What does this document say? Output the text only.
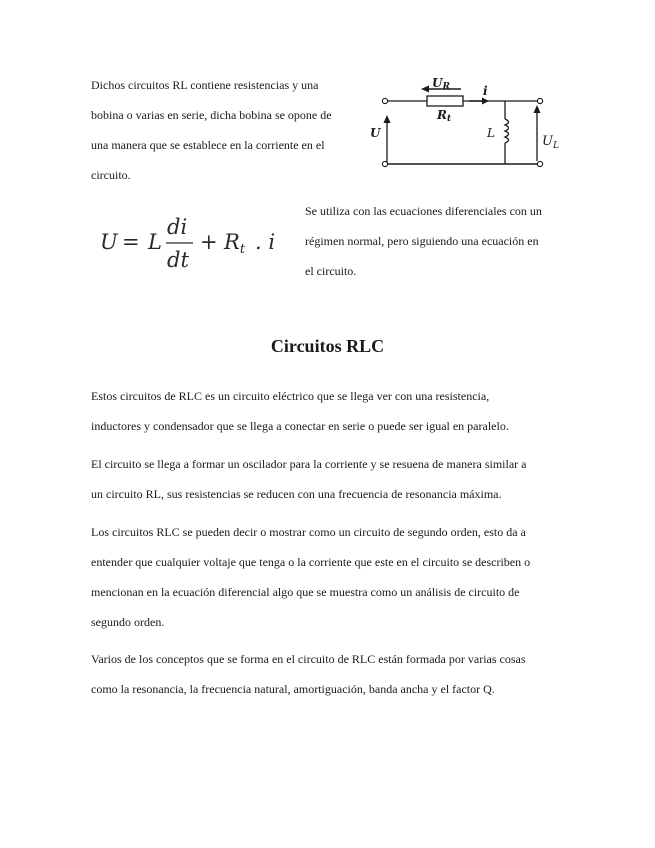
Dichos circuitos RL contiene resistencias y una
bobina o varias en serie, dicha bobina se opone de
una manera que se establece en la corriente en el
circuito.
UR	i
Rt
U	L
$U_L$
U = L
di
dt
+ Rt . i
Se utiliza con las ecuaciones diferenciales con un
régimen normal, pero siguiendo una ecuación en
el circuito.
Circuitos RLC
Estos circuitos de RLC es un circuito eléctrico que se llega ver con una resistencia,
inductores y condensador que se llega a conectar en serie o puede ser igual en paralelo.
El circuito se llega a formar un oscilador para la corriente y se resuena de manera similar a
un circuito RL, sus resistencias se reducen con una frecuencia de resonancia máxima.
Los circuitos RLC se pueden decir o mostrar como un circuito de segundo orden, esto da a
entender que cualquier voltaje que tenga o la corriente que este en el circuito se describen o
mencionan en la ecuación diferencial algo que se muestra como un análisis de circuito de
segundo orden.
Varios de los conceptos que se forma en el circuito de RLC están formada por varias cosas
como la resonancia, la frecuencia natural, amortiguación, banda ancha y el factor Q.
